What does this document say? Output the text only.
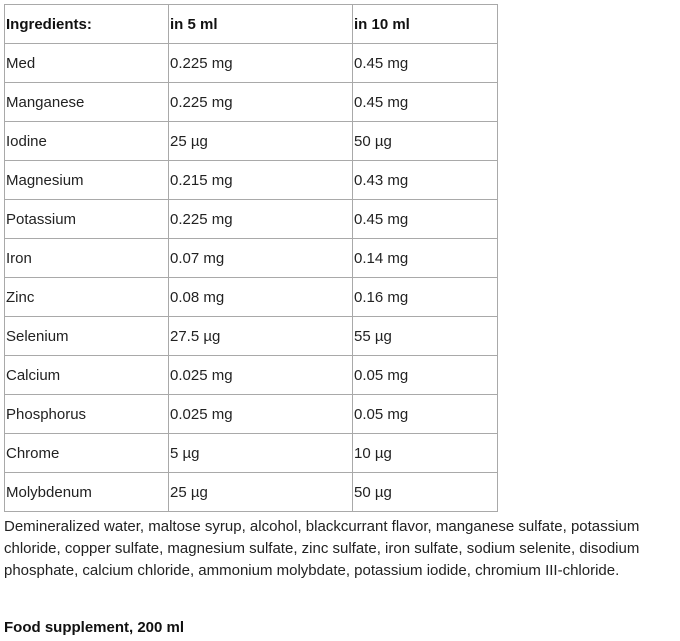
Ingredients:	in 5 ml	in 10 ml
Med	0.225 mg	0.45 mg
Manganese	0.225 mg	0.45 mg
Iodine	25 µg	50 µg
Magnesium	0.215 mg	0.43 mg
Potassium	0.225 mg	0.45 mg
Iron	0.07 mg	0.14 mg
Zinc	0.08 mg	0.16 mg
Selenium	27.5 µg	55 µg
Calcium	0.025 mg	0.05 mg
Phosphorus	0.025 mg	0.05 mg
Chrome	5 µg	10 µg
Molybdenum	25 µg	50 µg

Demineralized water, maltose syrup, alcohol, blackcurrant flavor, manganese sulfate, potassium chloride, copper sulfate, magnesium sulfate, zinc sulfate, iron sulfate, sodium selenite, disodium phosphate, calcium chloride, ammonium molybdate, potassium iodide, chromium III-chloride.

Food supplement, 200 ml
